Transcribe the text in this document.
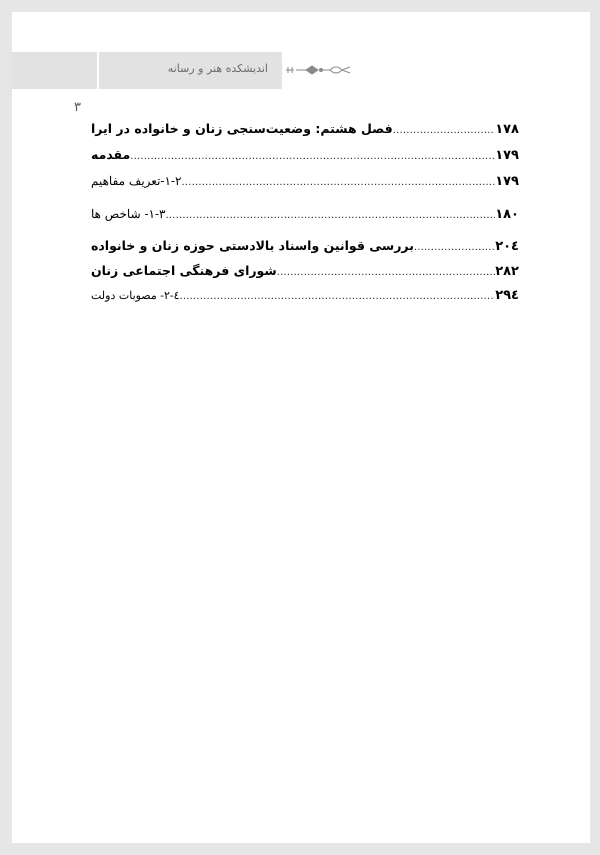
٣
اندیشکده هنر و رسانه
فصل هشتم: وضعیت‌سنجی زنان و خانواده در ایرا .....	۱۷۸
مقدمه .....	۱۷۹
۱-۲-تعریف مفاهیم .....	۱۷۹
۱-۳- شاخص ها .....	۱۸۰
بررسی قوانین واسناد بالادستی حوزه زنان و خانواده .....	۲۰٤
شورای فرهنگی اجتماعی زنان .....	۲۸۲
٤-۲- مصوبات دولت .....	۲۹٤
